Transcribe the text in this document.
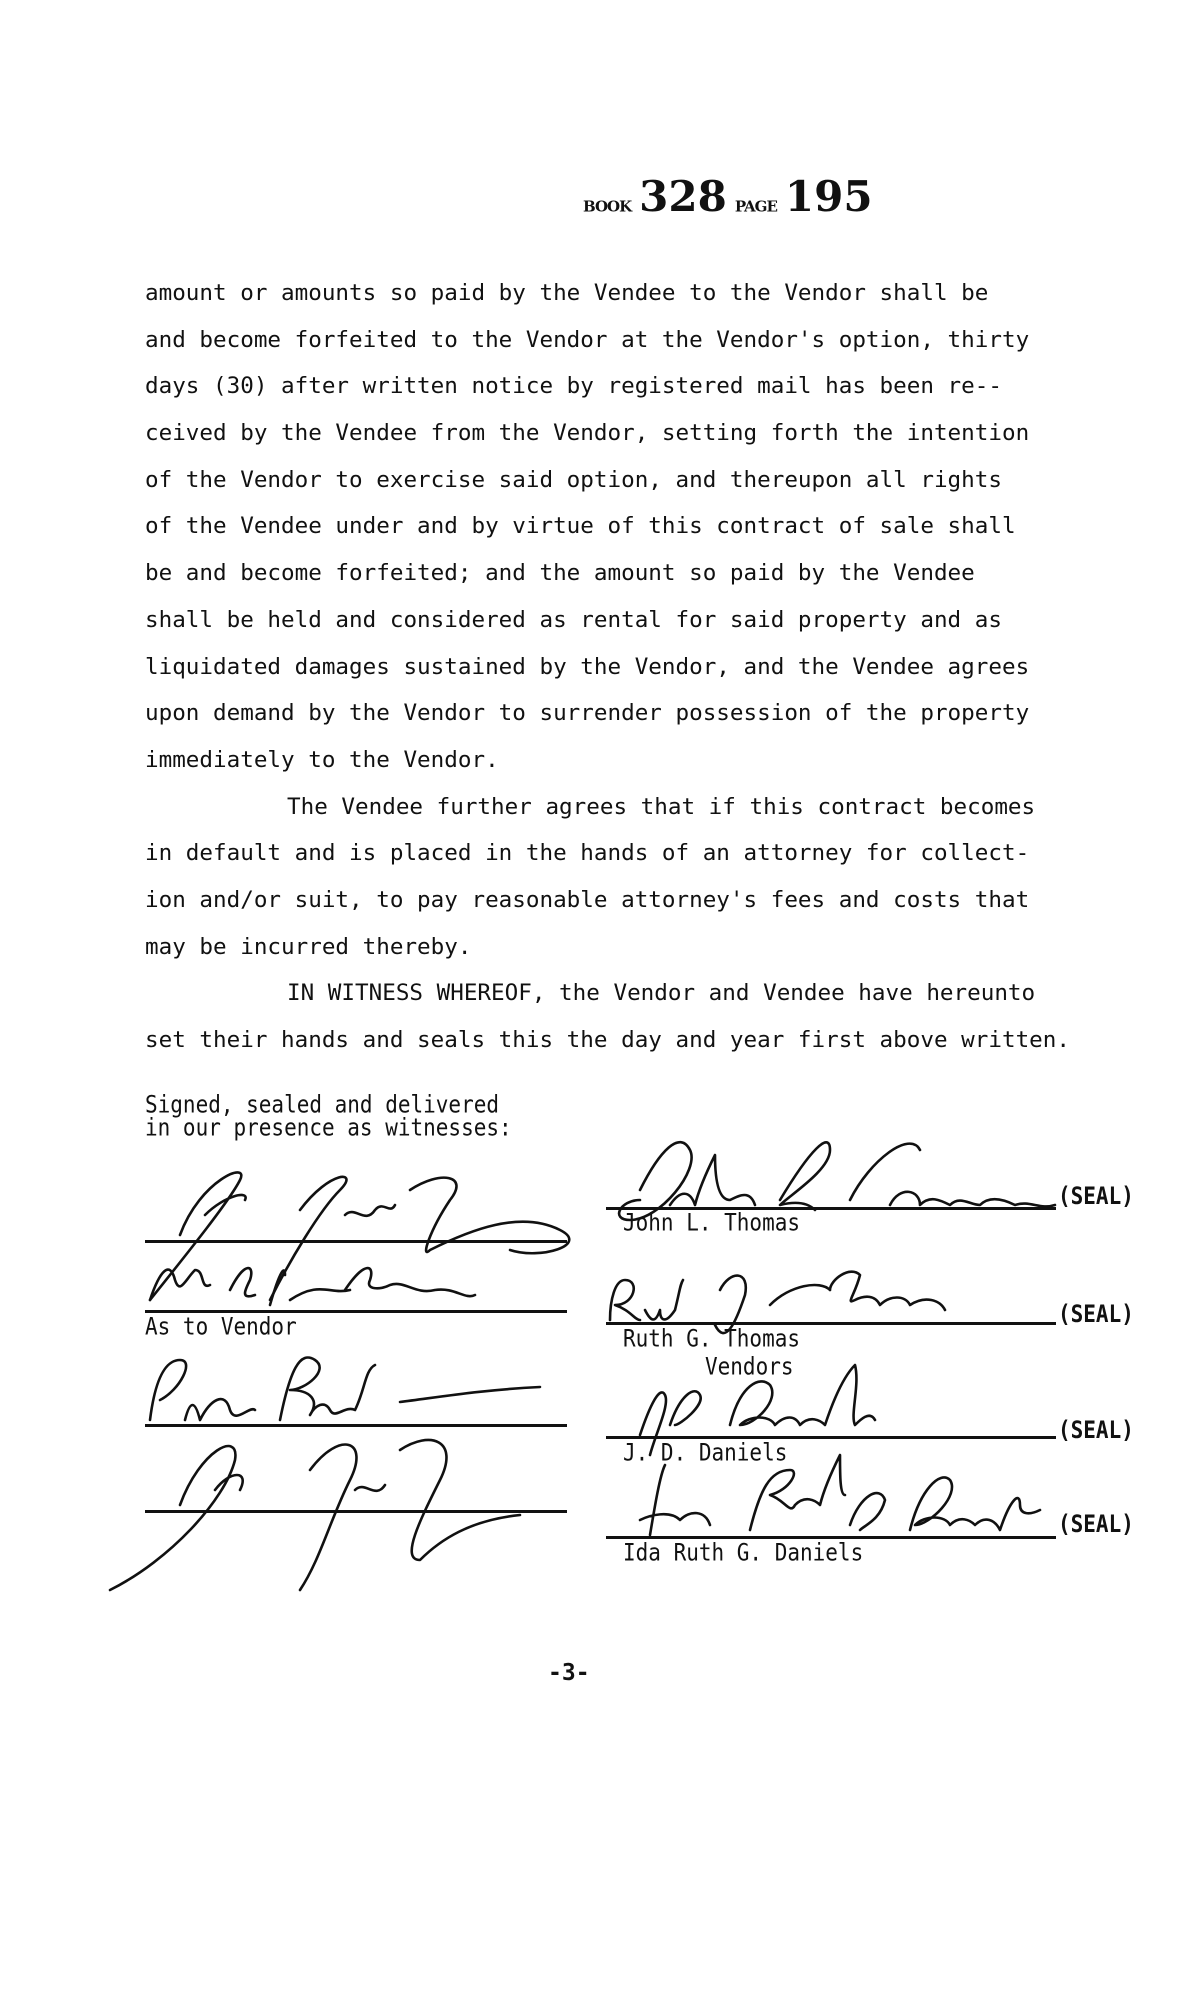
BOOK 328 PAGE 195
amount or amounts so paid by the Vendee to the Vendor shall be
and become forfeited to the Vendor at the Vendor's option, thirty
days (30) after written notice by registered mail has been re--
ceived by the Vendee from the Vendor, setting forth the intention
of the Vendor to exercise said option, and thereupon all rights
of the Vendee under and by virtue of this contract of sale shall
be and become forfeited; and the amount so paid by the Vendee
shall be held and considered as rental for said property and as
liquidated damages sustained by the Vendor, and the Vendee agrees
upon demand by the Vendor to surrender possession of the property
immediately to the Vendor.
The Vendee further agrees that if this contract becomes
in default and is placed in the hands of an attorney for collect-
ion and/or suit, to pay reasonable attorney's fees and costs that
may be incurred thereby.
IN WITNESS WHEREOF, the Vendor and Vendee have hereunto
set their hands and seals this the day and year first above written.
Signed, sealed and delivered
in our presence as witnesses:
As to Vendor
John L. Thomas
(SEAL)
Ruth G. Thomas
Vendors
(SEAL)
J. D. Daniels
(SEAL)
Ida Ruth G. Daniels
(SEAL)
-3-
